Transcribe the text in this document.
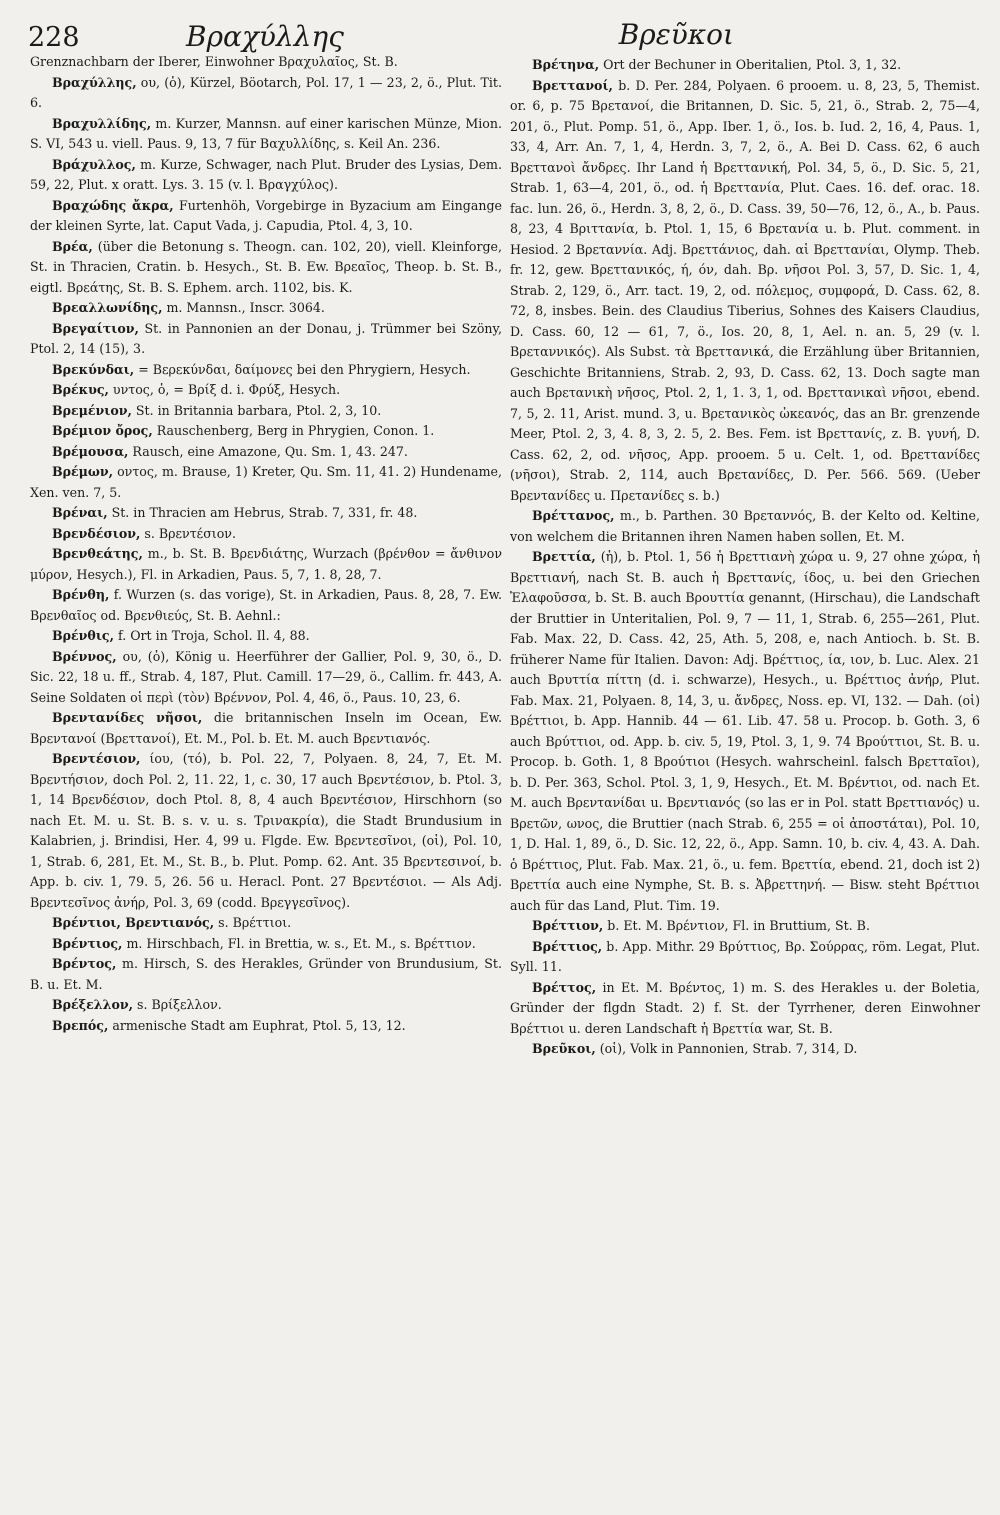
228	Βραχύλλης	Βρεῦκοι

Grenznachbarn der Iberer, Einwohner Βραχυλαῖος, St. B.

Βραχύλλης, ου, (ὁ), Kürzel, Böotarch, Pol. 17, 1 — 23, 2, ö., Plut. Tit. 6.

Βραχυλλίδης, m. Kurzer, Mannsn. auf einer karischen Münze, Mion. S. VI, 543 u. viell. Paus. 9, 13, 7 für Βαχυλλίδης, s. Keil An. 236.

Βράχυλλος, m. Kurze, Schwager, nach Plut. Bruder des Lysias, Dem. 59, 22, Plut. x oratt. Lys. 3. 15 (v. l. Βραγχύλος).

Βραχώδης ἄκρα, Furtenhöh, Vorgebirge in Byzacium am Eingange der kleinen Syrte, lat. Caput Vada, j. Capudia, Ptol. 4, 3, 10.

Βρέα, (über die Betonung s. Theogn. can. 102, 20), viell. Kleinforge, St. in Thracien, Cratin. b. Hesych., St. B. Ew. Βρεαῖος, Theop. b. St. B., eigtl. Βρεάτης, St. B. S. Ephem. arch. 1102, bis. K.

Βρεαλλωνίδης, m. Mannsn., Inscr. 3064.

Βρεγαίτιον, St. in Pannonien an der Donau, j. Trümmer bei Szöny, Ptol. 2, 14 (15), 3.

Βρεκύνδαι, = Βερεκύνδαι, δαίμονες bei den Phrygiern, Hesych.

Βρέκυς, υντος, ὁ, = Βρίξ d. i. Φρύξ, Hesych.

Βρεμένιον, St. in Britannia barbara, Ptol. 2, 3, 10.

Βρέμιον ὄρος, Rauschenberg, Berg in Phrygien, Conon. 1.

Βρέμουσα, Rausch, eine Amazone, Qu. Sm. 1, 43. 247.

Βρέμων, οντος, m. Brause, 1) Kreter, Qu. Sm. 11, 41. 2) Hundename, Xen. ven. 7, 5.

Βρέναι, St. in Thracien am Hebrus, Strab. 7, 331, fr. 48.

Βρενδέσιον, s. Βρεντέσιον.

Βρενθεάτης, m., b. St. B. Βρενδιάτης, Wurzach (βρένθον = ἄνθινον μύρον, Hesych.), Fl. in Arkadien, Paus. 5, 7, 1. 8, 28, 7.

Βρένθη, f. Wurzen (s. das vorige), St. in Arkadien, Paus. 8, 28, 7. Ew. Βρενθαῖος od. Βρενθιεύς, St. B. Aehnl.:

Βρένθις, f. Ort in Troja, Schol. Il. 4, 88.

Βρέννος, ου, (ὁ), König u. Heerführer der Gallier, Pol. 9, 30, ö., D. Sic. 22, 18 u. ff., Strab. 4, 187, Plut. Camill. 17—29, ö., Callim. fr. 443, A. Seine Soldaten οἱ περὶ (τὸν) Βρέννον, Pol. 4, 46, ö., Paus. 10, 23, 6.

Βρεντανίδες νῆσοι, die britannischen Inseln im Ocean, Ew. Βρεντανοί (Βρεττανοί), Et. M., Pol. b. Et. M. auch Βρεντιανός.

Βρεντέσιον, ίου, (τό), b. Pol. 22, 7, Polyaen. 8, 24, 7, Et. M. Βρεντήσιον, doch Pol. 2, 11. 22, 1, c. 30, 17 auch Βρεντέσιον, b. Ptol. 3, 1, 14 Βρενδέσιον, doch Ptol. 8, 8, 4 auch Βρεντέσιον, Hirschhorn (so nach Et. M. u. St. B. s. v. u. s. Τρινακρία), die Stadt Brundusium in Kalabrien, j. Brindisi, Her. 4, 99 u. Flgde. Ew. Βρεντεσῖνοι, (οἱ), Pol. 10, 1, Strab. 6, 281, Et. M., St. B., b. Plut. Pomp. 62. Ant. 35 Βρεντεσινοί, b. App. b. civ. 1, 79. 5, 26. 56 u. Heracl. Pont. 27 Βρεντέσιοι. — Als Adj. Βρεντεσῖνος ἀνήρ, Pol. 3, 69 (codd. Βρεγγεσῖνος).

Βρέντιοι, Βρεντιανός, s. Βρέττιοι.

Βρέντιος, m. Hirschbach, Fl. in Brettia, w. s., Et. M., s. Βρέττιον.

Βρέντος, m. Hirsch, S. des Herakles, Gründer von Brundusium, St. B. u. Et. M.

Βρέξελλον, s. Βρίξελλον.

Βρεπός, armenische Stadt am Euphrat, Ptol. 5, 13, 12.

Βρέτηνα, Ort der Bechuner in Oberitalien, Ptol. 3, 1, 32.

Βρεττανοί, b. D. Per. 284, Polyaen. 6 prooem. u. 8, 23, 5, Themist. or. 6, p. 75 Βρετανοί, die Britannen, D. Sic. 5, 21, ö., Strab. 2, 75—4, 201, ö., Plut. Pomp. 51, ö., App. Iber. 1, ö., Ios. b. Iud. 2, 16, 4, Paus. 1, 33, 4, Arr. An. 7, 1, 4, Herdn. 3, 7, 2, ö., A. Bei D. Cass. 62, 6 auch Βρεττανοὶ ἄνδρες. Ihr Land ἡ Βρεττανική, Pol. 34, 5, ö., D. Sic. 5, 21, Strab. 1, 63—4, 201, ö., od. ἡ Βρεττανία, Plut. Caes. 16. def. orac. 18. fac. lun. 26, ö., Herdn. 3, 8, 2, ö., D. Cass. 39, 50—76, 12, ö., A., b. Paus. 8, 23, 4 Βριττανία, b. Ptol. 1, 15, 6 Βρετανία u. b. Plut. comment. in Hesiod. 2 Βρεταννία. Adj. Βρεττάνιος, dah. αἱ Βρεττανίαι, Olymp. Theb. fr. 12, gew. Βρεττανικός, ή, όν, dah. Βρ. νῆσοι Pol. 3, 57, D. Sic. 1, 4, Strab. 2, 129, ö., Arr. tact. 19, 2, od. πόλεμος, συμφορά, D. Cass. 62, 8. 72, 8, insbes. Bein. des Claudius Tiberius, Sohnes des Kaisers Claudius, D. Cass. 60, 12 — 61, 7, ö., Ios. 20, 8, 1, Ael. n. an. 5, 29 (v. l. Βρεταννικός). Als Subst. τὰ Βρεττανικά, die Erzählung über Britannien, Geschichte Britanniens, Strab. 2, 93, D. Cass. 62, 13. Doch sagte man auch Βρετανικὴ νῆσος, Ptol. 2, 1, 1. 3, 1, od. Βρεττανικαὶ νῆσοι, ebend. 7, 5, 2. 11, Arist. mund. 3, u. Βρετανικὸς ὠκεανός, das an Br. grenzende Meer, Ptol. 2, 3, 4. 8, 3, 2. 5, 2. Bes. Fem. ist Βρεττανίς, z. B. γυνή, D. Cass. 62, 2, od. νῆσος, App. prooem. 5 u. Celt. 1, od. Βρεττανίδες (νῆσοι), Strab. 2, 114, auch Βρετανίδες, D. Per. 566. 569. (Ueber Βρεντανίδες u. Πρετανίδες s. b.)

Βρέττανος, m., b. Parthen. 30 Βρεταννός, B. der Kelto od. Keltine, von welchem die Britannen ihren Namen haben sollen, Et. M.

Βρεττία, (ἡ), b. Ptol. 1, 56 ἡ Βρεττιανὴ χώρα u. 9, 27 ohne χώρα, ἡ Βρεττιανή, nach St. B. auch ἡ Βρεττανίς, ίδος, u. bei den Griechen Ἐλαφοῦσσα, b. St. B. auch Βρουττία genannt, (Hirschau), die Landschaft der Bruttier in Unteritalien, Pol. 9, 7 — 11, 1, Strab. 6, 255—261, Plut. Fab. Max. 22, D. Cass. 42, 25, Ath. 5, 208, e, nach Antioch. b. St. B. früherer Name für Italien. Davon: Adj. Βρέττιος, ία, ιον, b. Luc. Alex. 21 auch Βρυττία πίττη (d. i. schwarze), Hesych., u. Βρέττιος ἀνήρ, Plut. Fab. Max. 21, Polyaen. 8, 14, 3, u. ἄνδρες, Noss. ep. VI, 132. — Dah. (οἱ) Βρέττιοι, b. App. Hannib. 44 — 61. Lib. 47. 58 u. Procop. b. Goth. 3, 6 auch Βρύττιοι, od. App. b. civ. 5, 19, Ptol. 3, 1, 9. 74 Βρούττιοι, St. B. u. Procop. b. Goth. 1, 8 Βρούτιοι (Hesych. wahrscheinl. falsch Βρετταῖοι), b. D. Per. 363, Schol. Ptol. 3, 1, 9, Hesych., Et. M. Βρέντιοι, od. nach Et. M. auch Βρεντανίδαι u. Βρεντιανός (so las er in Pol. statt Βρεττιανός) u. Βρετῶν, ωνος, die Bruttier (nach Strab. 6, 255 = οἱ ἀποστάται), Pol. 10, 1, D. Hal. 1, 89, ö., D. Sic. 12, 22, ö., App. Samn. 10, b. civ. 4, 43. A. Dah. ὁ Βρέττιος, Plut. Fab. Max. 21, ö., u. fem. Βρεττία, ebend. 21, doch ist 2) Βρεττία auch eine Nymphe, St. B. s. Ἀβρεττηνή. — Bisw. steht Βρέττιοι auch für das Land, Plut. Tim. 19.

Βρέττιον, b. Et. M. Βρέντιον, Fl. in Bruttium, St. B.

Βρέττιος, b. App. Mithr. 29 Βρύττιος, Βρ. Σούρρας, röm. Legat, Plut. Syll. 11.

Βρέττος, in Et. M. Βρέντος, 1) m. S. des Herakles u. der Boletia, Gründer der flgdn Stadt. 2) f. St. der Tyrrhener, deren Einwohner Βρέττιοι u. deren Landschaft ἡ Βρεττία war, St. B.

Βρεῦκοι, (οἱ), Volk in Pannonien, Strab. 7, 314, D.
